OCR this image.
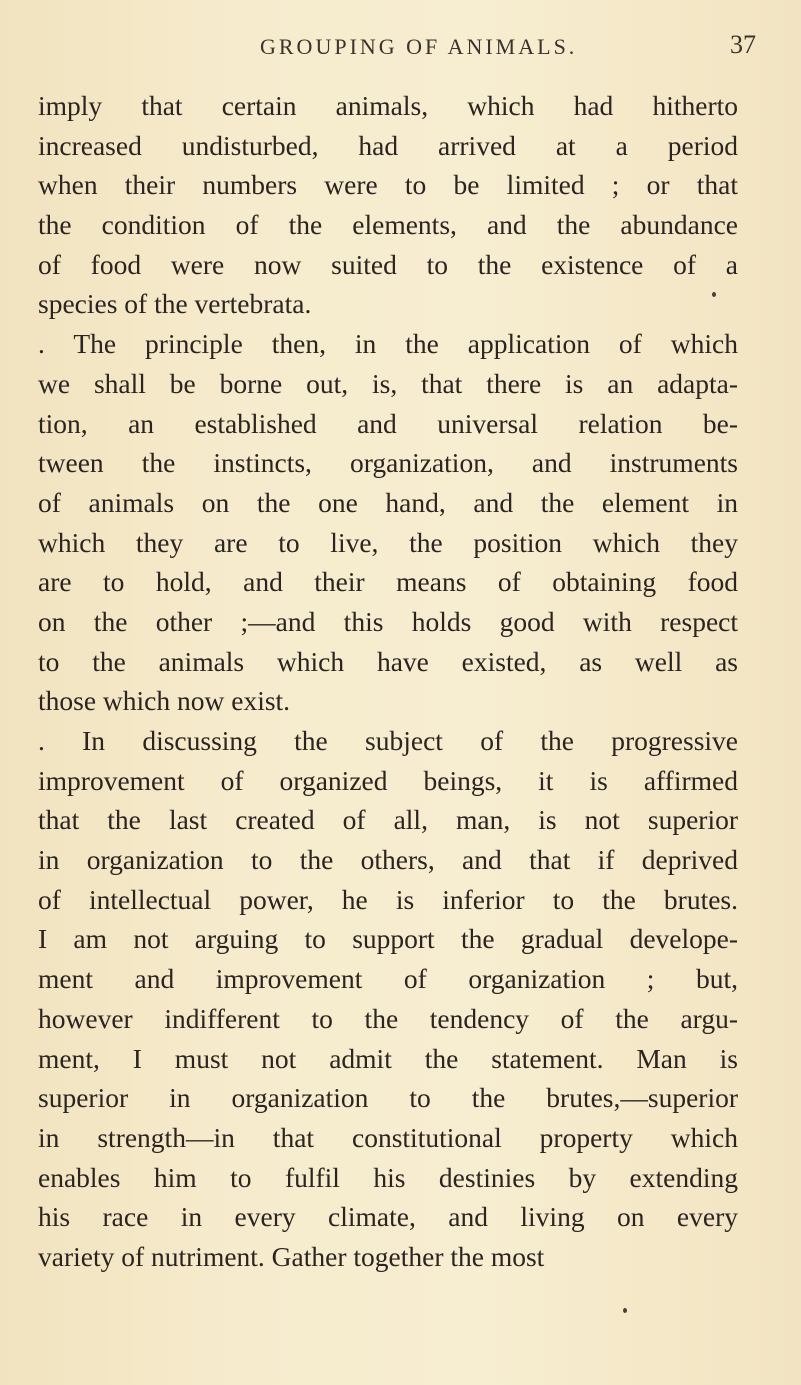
GROUPING OF ANIMALS.	37
imply that certain animals, which had hitherto
increased undisturbed, had arrived at a period
when their numbers were to be limited ; or that
the condition of the elements, and the abundance
of food were now suited to the existence of a
species of the vertebrata.
. The principle then, in the application of which
we shall be borne out, is, that there is an adapta-
tion, an established and universal relation be-
tween the instincts, organization, and instruments
of animals on the one hand, and the element in
which they are to live, the position which they
are to hold, and their means of obtaining food
on the other ;—and this holds good with respect
to the animals which have existed, as well as
those which now exist.
. In discussing the subject of the progressive
improvement of organized beings, it is affirmed
that the last created of all, man, is not superior
in organization to the others, and that if deprived
of intellectual power, he is inferior to the brutes.
I am not arguing to support the gradual develope-
ment and improvement of organization ; but,
however indifferent to the tendency of the argu-
ment, I must not admit the statement. Man is
superior in organization to the brutes,—superior
in strength—in that constitutional property which
enables him to fulfil his destinies by extending
his race in every climate, and living on every
variety of nutriment. Gather together the most
